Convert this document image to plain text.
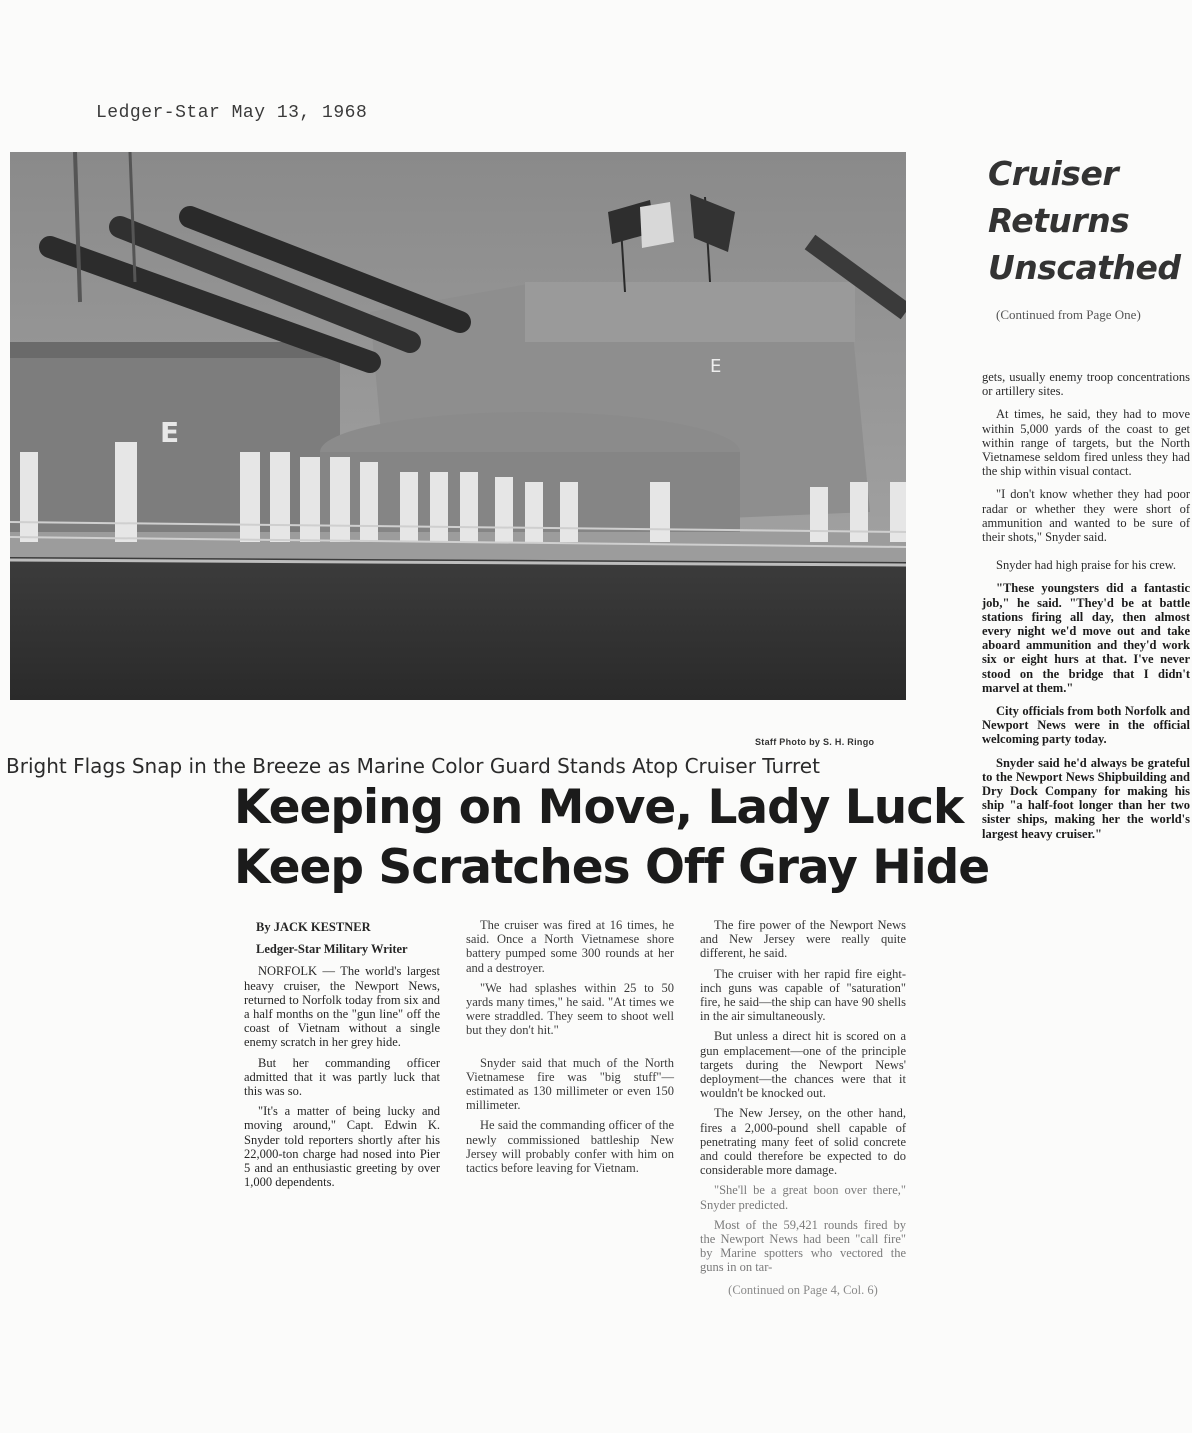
Ledger-Star May 13, 1968
E
E
Staff Photo by S. H. Ringo
Bright Flags Snap in the Breeze as Marine Color Guard Stands Atop Cruiser Turret
Keeping on Move, Lady Luck
Keep Scratches Off Gray Hide

By JACK KESTNER

Ledger-Star Military Writer

NORFOLK — The world's largest heavy cruiser, the Newport News, returned to Norfolk today from six and a half months on the "gun line" off the coast of Vietnam without a single enemy scratch in her grey hide.

But her commanding officer admitted that it was partly luck that this was so.

"It's a matter of being lucky and moving around," Capt. Edwin K. Snyder told reporters shortly after his 22,000-ton charge had nosed into Pier 5 and an enthusiastic greeting by over 1,000 dependents.

The cruiser was fired at 16 times, he said. Once a North Vietnamese shore battery pumped some 300 rounds at her and a destroyer.

"We had splashes within 25 to 50 yards many times," he said. "At times we were straddled. They seem to shoot well but they don't hit."

Snyder said that much of the North Vietnamese fire was "big stuff"—estimated as 130 millimeter or even 150 millimeter.

He said the commanding officer of the newly commissioned battleship New Jersey will probably confer with him on tactics before leaving for Vietnam.

The fire power of the Newport News and New Jersey were really quite different, he said.

The cruiser with her rapid fire eight-inch guns was capable of "saturation" fire, he said—the ship can have 90 shells in the air simultaneously.

But unless a direct hit is scored on a gun emplacement—one of the principle targets during the Newport News' deployment—the chances were that it wouldn't be knocked out.

The New Jersey, on the other hand, fires a 2,000-pound shell capable of penetrating many feet of solid concrete and could therefore be expected to do considerable more damage.

"She'll be a great boon over there," Snyder predicted.

Most of the 59,421 rounds fired by the Newport News had been "call fire" by Marine spotters who vectored the guns in on tar-

(Continued on Page 4, Col. 6)
Cruiser
Returns
Unscathed
(Continued from Page One)

gets, usually enemy troop concentrations or artillery sites.

At times, he said, they had to move within 5,000 yards of the coast to get within range of targets, but the North Vietnamese seldom fired unless they had the ship within visual contact.

"I don't know whether they had poor radar or whether they were short of ammunition and wanted to be sure of their shots," Snyder said.

Snyder had high praise for his crew.

"These youngsters did a fantastic job," he said. "They'd be at battle stations firing all day, then almost every night we'd move out and take aboard ammunition and they'd work six or eight hurs at that. I've never stood on the bridge that I didn't marvel at them."

City officials from both Norfolk and Newport News were in the official welcoming party today.

Snyder said he'd always be grateful to the Newport News Shipbuilding and Dry Dock Company for making his ship "a half-foot longer than her two sister ships, making her the world's largest heavy cruiser."
